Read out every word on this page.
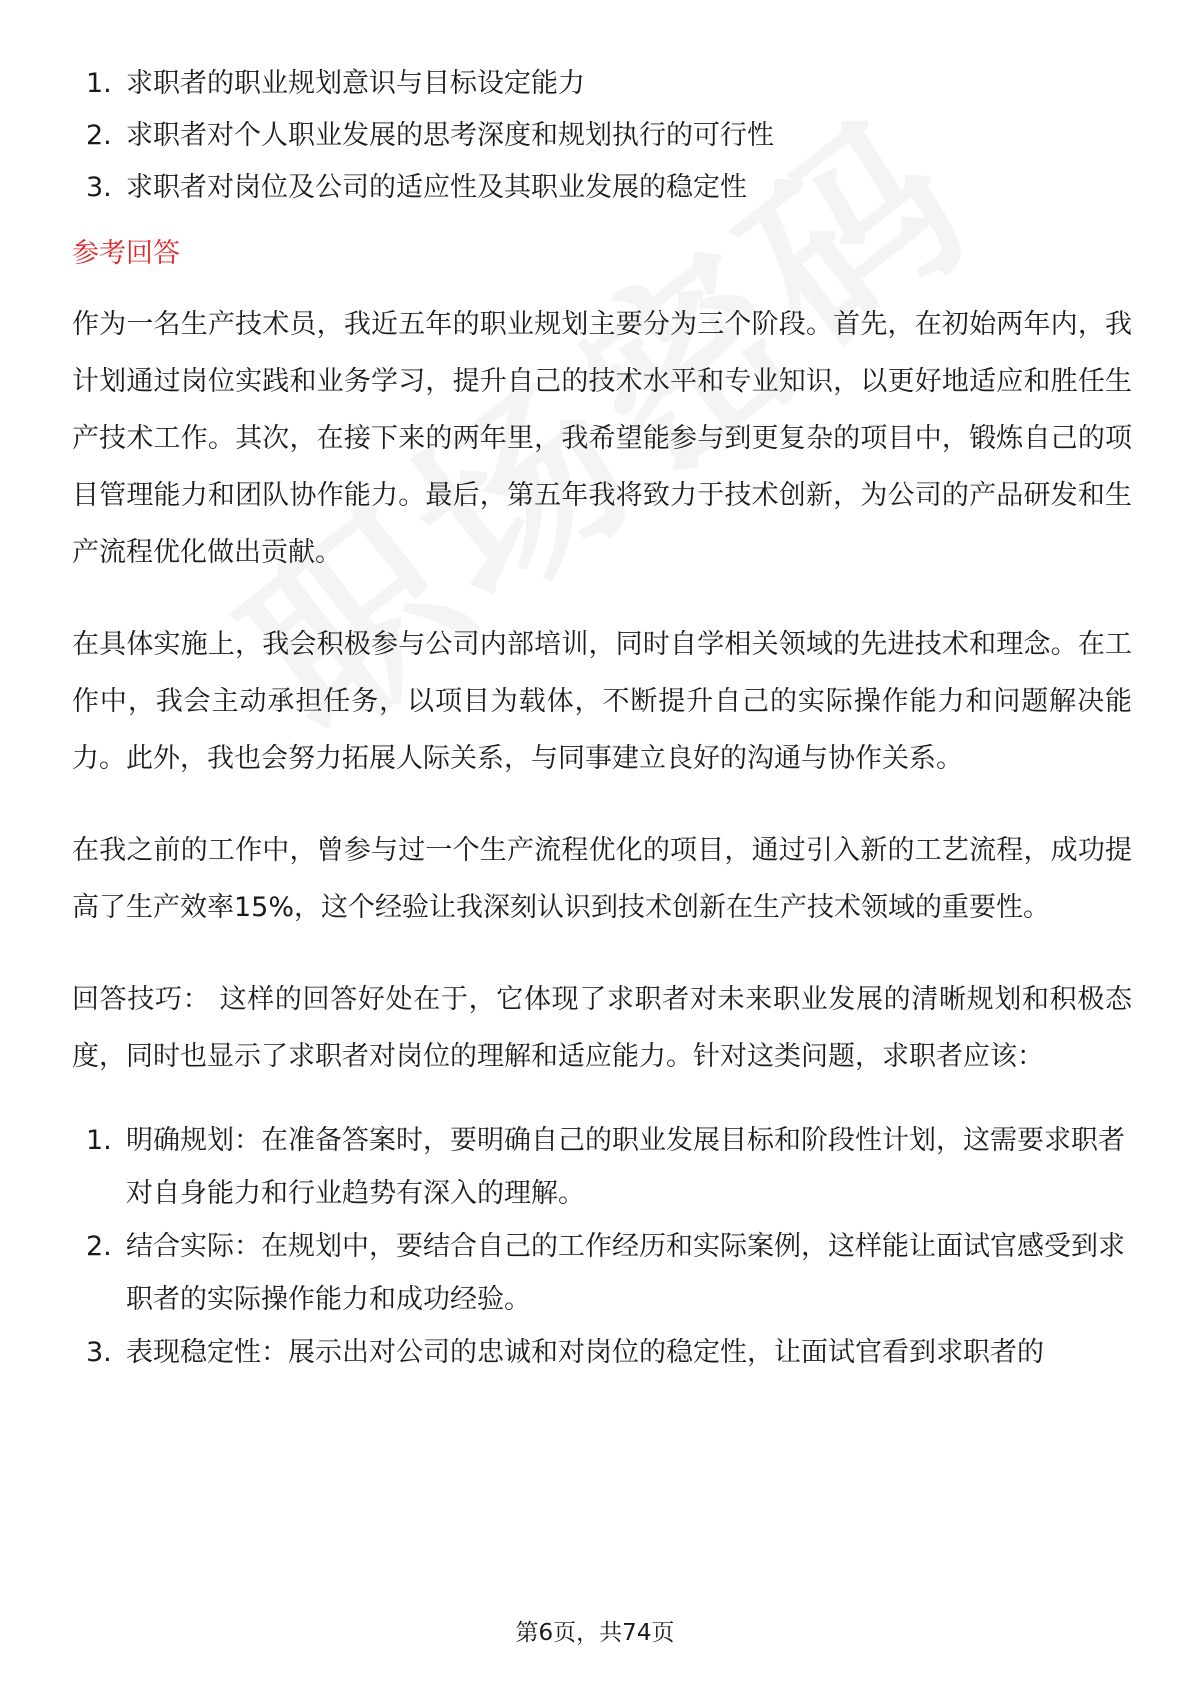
1. 求职者的职业规划意识与目标设定能力
2. 求职者对个人职业发展的思考深度和规划执行的可行性
3. 求职者对岗位及公司的适应性及其职业发展的稳定性
参考回答

作为一名生产技术员，我近五年的职业规划主要分为三个阶段。首先，在初始两年内，我计划通过岗位实践和业务学习，提升自己的技术水平和专业知识，以更好地适应和胜任生产技术工作。其次，在接下来的两年里，我希望能参与到更复杂的项目中，锻炼自己的项目管理能力和团队协作能力。最后，第五年我将致力于技术创新，为公司的产品研发和生产流程优化做出贡献。

在具体实施上，我会积极参与公司内部培训，同时自学相关领域的先进技术和理念。在工作中，我会主动承担任务，以项目为载体，不断提升自己的实际操作能力和问题解决能力。此外，我也会努力拓展人际关系，与同事建立良好的沟通与协作关系。

在我之前的工作中，曾参与过一个生产流程优化的项目，通过引入新的工艺流程，成功提高了生产效率15%，这个经验让我深刻认识到技术创新在生产技术领域的重要性。

回答技巧： 这样的回答好处在于，它体现了求职者对未来职业发展的清晰规划和积极态度，同时也显示了求职者对岗位的理解和适应能力。针对这类问题，求职者应该：

1. 明确规划：在准备答案时，要明确自己的职业发展目标和阶段性计划，这需要求职者对自身能力和行业趋势有深入的理解。
2. 结合实际：在规划中，要结合自己的工作经历和实际案例，这样能让面试官感受到求职者的实际操作能力和成功经验。
3. 表现稳定性：展示出对公司的忠诚和对岗位的稳定性，让面试官看到求职者的
第6页，共74页
